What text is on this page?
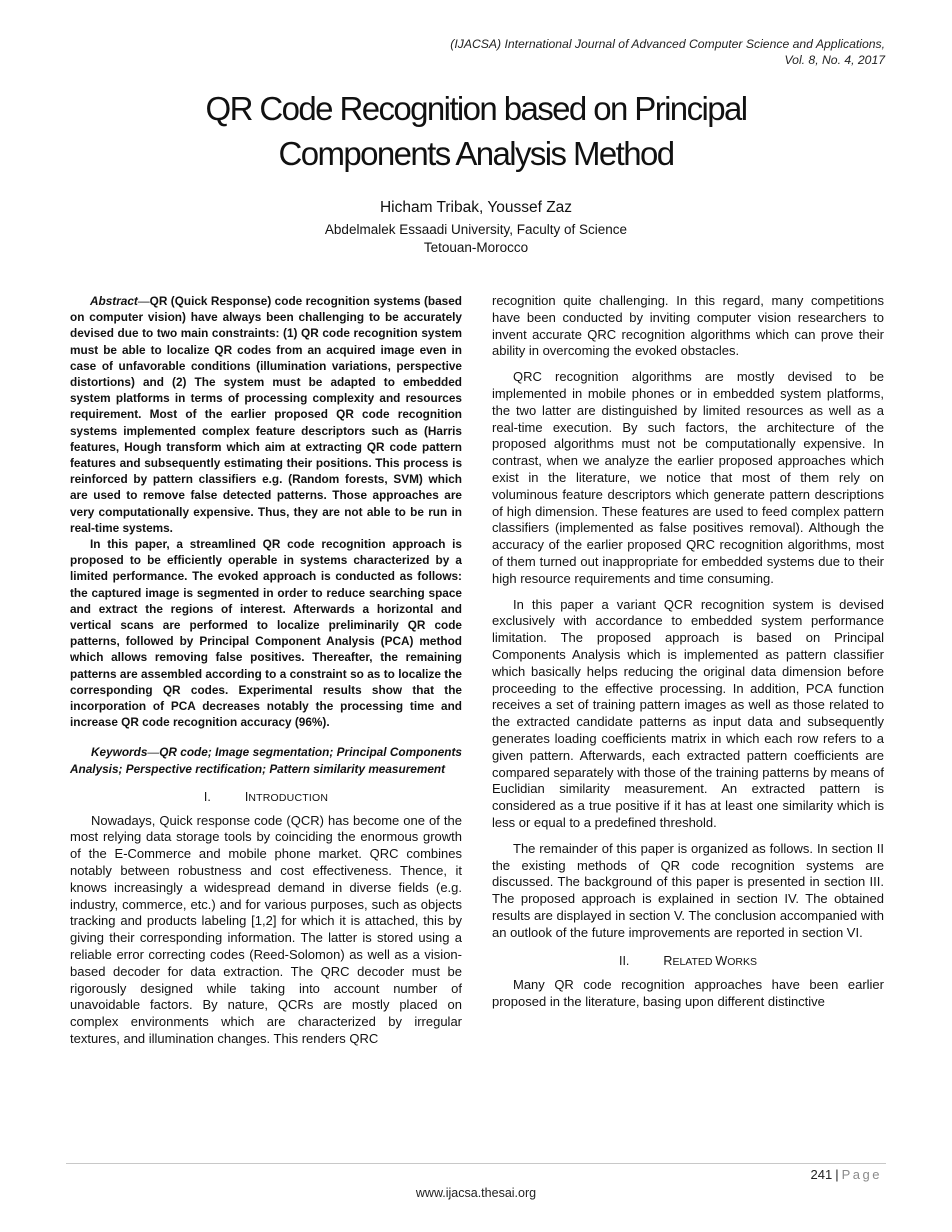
(IJACSA) International Journal of Advanced Computer Science and Applications,
Vol. 8, No. 4, 2017
QR Code Recognition based on Principal
Components Analysis Method
Hicham Tribak, Youssef Zaz
Abdelmalek Essaadi University, Faculty of Science
Tetouan-Morocco

Abstract—QR (Quick Response) code recognition systems (based on computer vision) have always been challenging to be accurately devised due to two main constraints: (1) QR code recognition system must be able to localize QR codes from an acquired image even in case of unfavorable conditions (illumination variations, perspective distortions) and (2) The system must be adapted to embedded system platforms in terms of processing complexity and resources requirement. Most of the earlier proposed QR code recognition systems implemented complex feature descriptors such as (Harris features, Hough transform which aim at extracting QR code pattern features and subsequently estimating their positions. This process is reinforced by pattern classifiers e.g. (Random forests, SVM) which are used to remove false detected patterns. Those approaches are very computationally expensive. Thus, they are not able to be run in real-time systems.

In this paper, a streamlined QR code recognition approach is proposed to be efficiently operable in systems characterized by a limited performance. The evoked approach is conducted as follows: the captured image is segmented in order to reduce searching space and extract the regions of interest. Afterwards a horizontal and vertical scans are performed to localize preliminarily QR code patterns, followed by Principal Component Analysis (PCA) method which allows removing false positives. Thereafter, the remaining patterns are assembled according to a constraint so as to localize the corresponding QR codes. Experimental results show that the incorporation of PCA decreases notably the processing time and increase QR code recognition accuracy (96%).

Keywords—QR code; Image segmentation; Principal Components Analysis; Perspective rectification; Pattern similarity measurement

I.	INTRODUCTION

Nowadays, Quick response code (QCR) has become one of the most relying data storage tools by coinciding the enormous growth of the E-Commerce and mobile phone market. QRC combines notably between robustness and cost effectiveness. Thence, it knows increasingly a widespread demand in diverse fields (e.g. industry, commerce, etc.) and for various purposes, such as objects tracking and products labeling [1,2] for which it is attached, this by giving their corresponding information. The latter is stored using a reliable error correcting codes (Reed-Solomon) as well as a vision-based decoder for data extraction. The QRC decoder must be rigorously designed while taking into account number of unavoidable factors. By nature, QCRs are mostly placed on complex environments which are characterized by irregular textures, and illumination changes. This renders QRC

recognition quite challenging. In this regard, many competitions have been conducted by inviting computer vision researchers to invent accurate QRC recognition algorithms which can prove their ability in overcoming the evoked obstacles.

QRC recognition algorithms are mostly devised to be implemented in mobile phones or in embedded system platforms, the two latter are distinguished by limited resources as well as a real-time execution. By such factors, the architecture of the proposed algorithms must not be computationally expensive. In contrast, when we analyze the earlier proposed approaches which exist in the literature, we notice that most of them rely on voluminous feature descriptors which generate pattern descriptions of high dimension. These features are used to feed complex pattern classifiers (implemented as false positives removal). Although the accuracy of the earlier proposed QRC recognition algorithms, most of them turned out inappropriate for embedded systems due to their high resource requirements and time consuming.

In this paper a variant QCR recognition system is devised exclusively with accordance to embedded system performance limitation. The proposed approach is based on Principal Components Analysis which is implemented as pattern classifier which basically helps reducing the original data dimension before proceeding to the effective processing. In addition, PCA function receives a set of training pattern images as well as those related to the extracted candidate patterns as input data and subsequently generates loading coefficients matrix in which each row refers to a given pattern. Afterwards, each extracted pattern coefficients are compared separately with those of the training patterns by means of Euclidian similarity measurement. An extracted pattern is considered as a true positive if it has at least one similarity which is less or equal to a predefined threshold.

The remainder of this paper is organized as follows. In section II the existing methods of QR code recognition systems are discussed. The background of this paper is presented in section III. The proposed approach is explained in section IV. The obtained results are displayed in section V. The conclusion accompanied with an outlook of the future improvements are reported in section VI.

II.	RELATED WORKS

Many QR code recognition approaches have been earlier proposed in the literature, basing upon different distinctive

241 | Page
www.ijacsa.thesai.org
